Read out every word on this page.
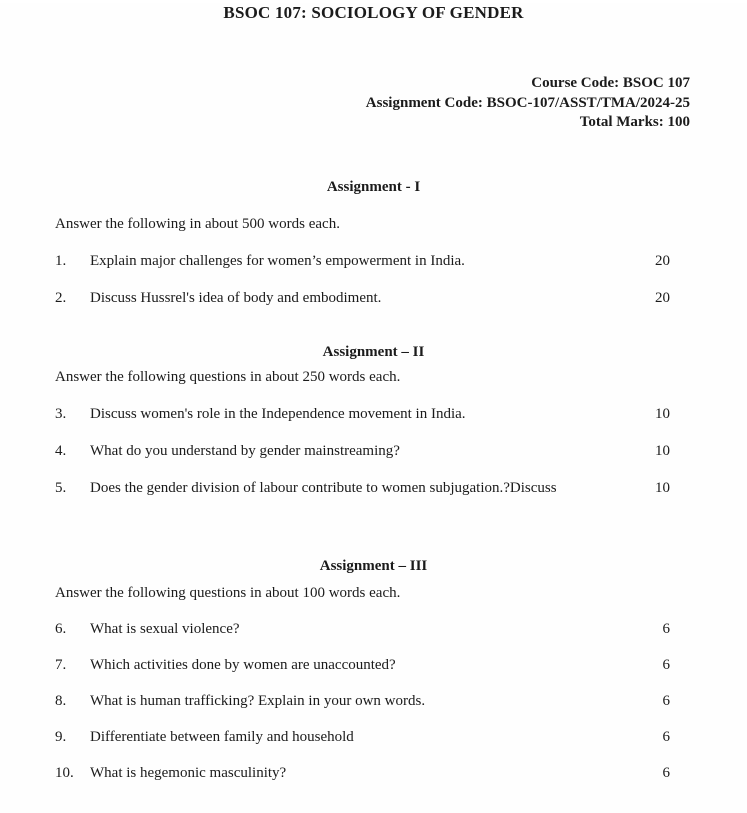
BSOC 107: SOCIOLOGY OF GENDER
Course Code: BSOC 107
Assignment Code: BSOC-107/ASST/TMA/2024-25
Total Marks: 100
Assignment - I

Answer the following in about 500 words each.

1.	Explain major challenges for women’s empowerment in India.	20
2.	Discuss Hussrel's idea of body and embodiment.	20
Assignment – II

Answer the following questions in about 250 words each.

3.	Discuss women's role in the Independence movement in India.	10
4.	What do you understand by gender mainstreaming?	10
5.	Does the gender division of labour contribute to women subjugation.?Discuss	10
Assignment – III

Answer the following questions in about 100 words each.

6.	What is sexual violence?	6
7.	Which activities done by women are unaccounted?	6
8.	What is human trafficking? Explain in your own words.	6
9.	Differentiate between family and household	6
10.	What is hegemonic masculinity?	6
